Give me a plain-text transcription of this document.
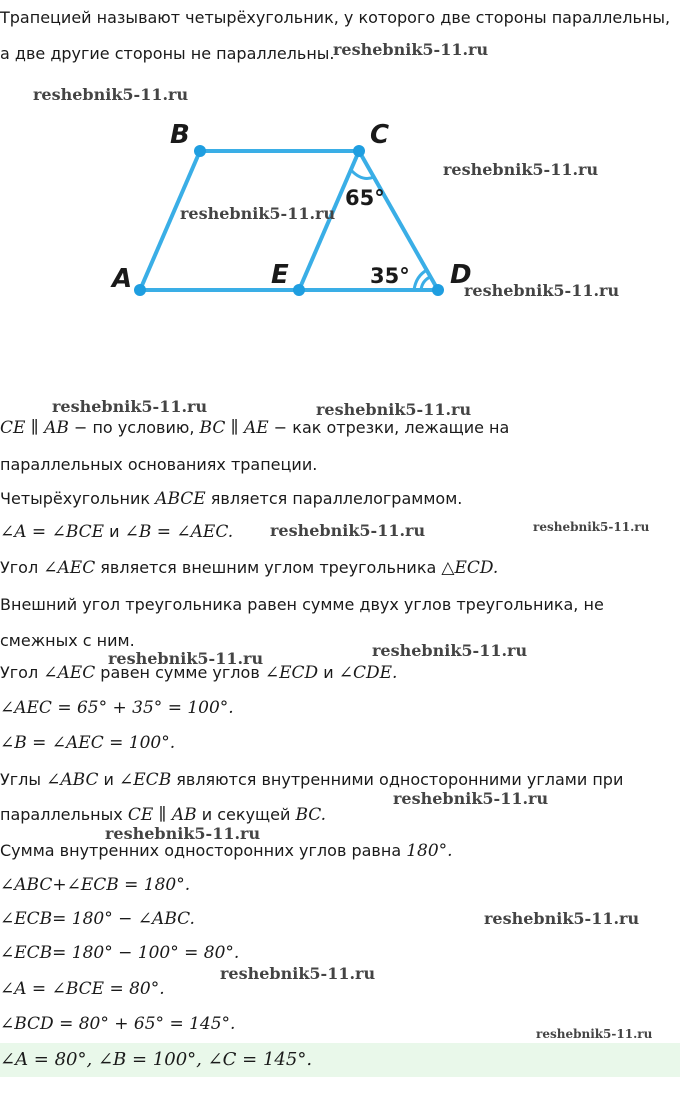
Трапецией называют четырёхугольник, у которого две стороны параллельны,
а две другие стороны не параллельны.
A
B	C
D
E
65°
35°
CE ∥ AB − по условию, BC ∥ AE − как отрезки, лежащие на
параллельных основаниях трапеции.
Четырёхугольник ABCE является параллелограммом.
∠A = ∠BCE и ∠B = ∠AEC.
Угол ∠AEC является внешним углом треугольника △ECD.
Внешний угол треугольника равен сумме двух углов треугольника, не
смежных с ним.
Угол ∠AEC равен сумме углов ∠ECD и ∠CDE.
∠AEC = 65° + 35° = 100°.
∠B = ∠AEC = 100°.
Углы ∠ABC и ∠ECB являются внутренними односторонними углами при
параллельных CE ∥ AB и секущей BC.
Сумма внутренних односторонних углов равна 180°.
∠ABC+∠ECB = 180°.
∠ECB= 180° − ∠ABC.
∠ECB= 180° − 100° = 80°.
∠A = ∠BCE = 80°.
∠BCD = 80° + 65° = 145°.
∠A = 80°, ∠B = 100°, ∠C = 145°.
reshebnik5-11.ru
reshebnik5-11.ru
reshebnik5-11.ru
reshebnik5-11.ru
reshebnik5-11.ru
reshebnik5-11.ru	reshebnik5-11.ru
reshebnik5-11.ru	reshebnik5-11.ru
reshebnik5-11.ru	reshebnik5-11.ru
reshebnik5-11.ru
reshebnik5-11.ru
reshebnik5-11.ru
reshebnik5-11.ru
reshebnik5-11.ru
